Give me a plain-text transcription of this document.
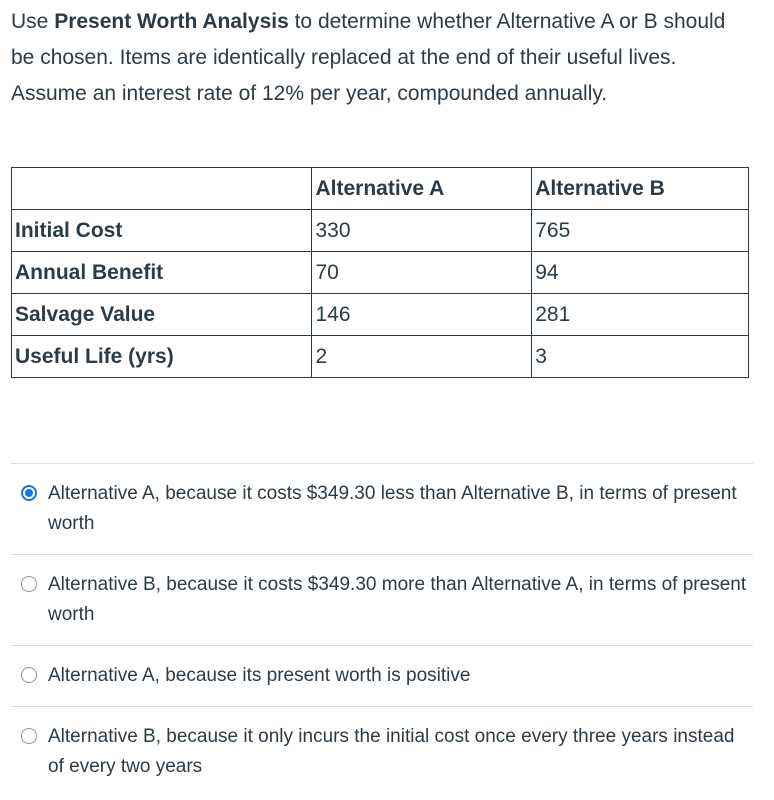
Use Present Worth Analysis to determine whether Alternative A or B should be chosen. Items are identically replaced at the end of their useful lives.

Assume an interest rate of 12% per year, compounded annually.

	Alternative A	Alternative B
Initial Cost	330	765
Annual Benefit	70	94
Salvage Value	146	281
Useful Life (yrs)	2	3
Alternative A, because it costs $349.30 less than Alternative B, in terms of present worth
Alternative B, because it costs $349.30 more than Alternative A, in terms of present worth
Alternative A, because its present worth is positive
Alternative B, because it only incurs the initial cost once every three years instead of every two years
